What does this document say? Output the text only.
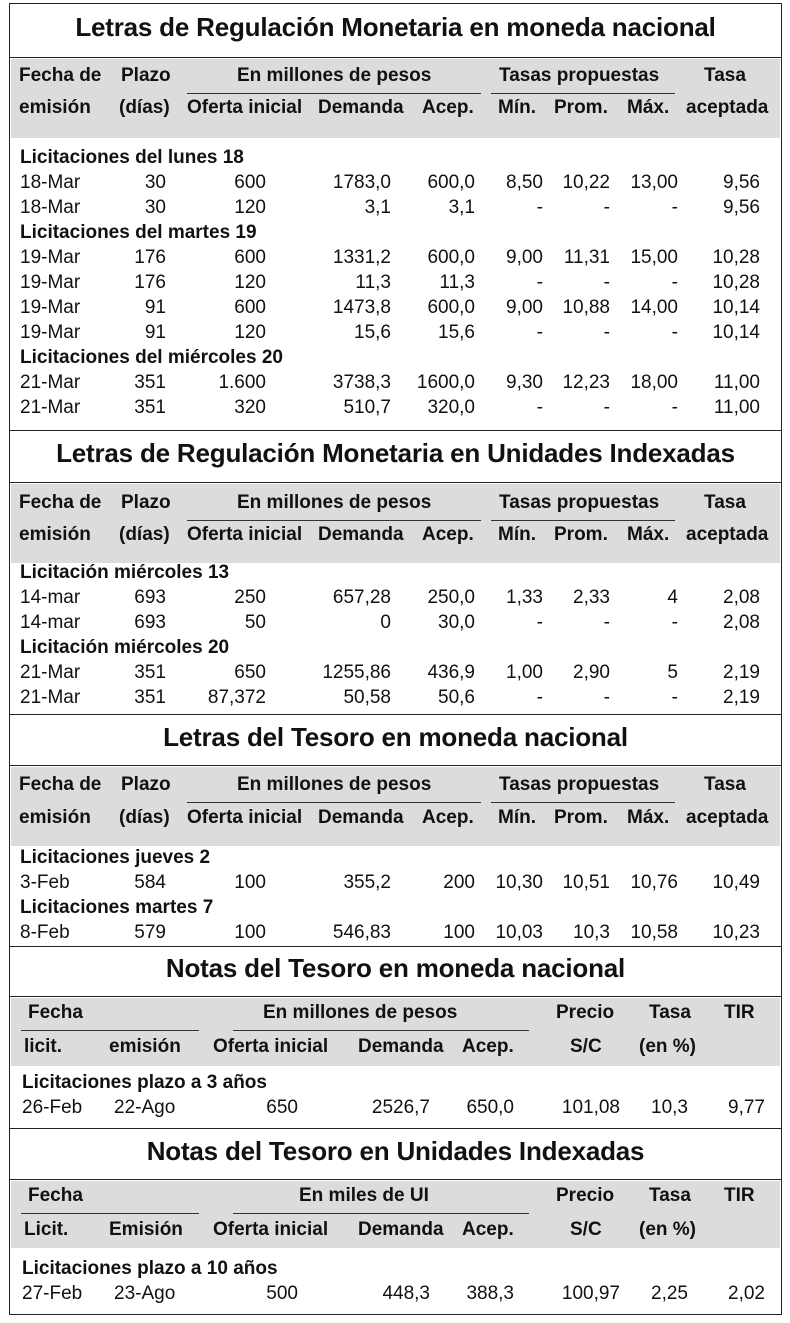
Letras de Regulación Monetaria en moneda nacional
Fecha de
emisión
Plazo
(días)
En millones de pesos
Oferta inicial Demanda Acep.
Tasas propuestas
Mín. Prom. Máx.
Tasa
aceptada
Licitaciones del lunes 18
18-Mar	30	600	1783,0	600,0	8,50	10,22	13,00	9,56
18-Mar	30	120	3,1	3,1	-	-	-	9,56
Licitaciones del martes 19
19-Mar	176	600	1331,2	600,0	9,00	11,31	15,00	10,28
19-Mar	176	120	11,3	11,3	-	-	-	10,28
19-Mar	91	600	1473,8	600,0	9,00	10,88	14,00	10,14
19-Mar	91	120	15,6	15,6	-	-	-	10,14
Licitaciones del miércoles 20
21-Mar	351	1.600	3738,3	1600,0	9,30	12,23	18,00	11,00
21-Mar	351	320	510,7	320,0	-	-	-	11,00
Letras de Regulación Monetaria en Unidades Indexadas
Fecha de
emisión
Plazo
(días)
En millones de pesos
Oferta inicial Demanda Acep.
Tasas propuestas
Mín. Prom. Máx.
Tasa
aceptada
Licitación miércoles 13
14-mar	693	250	657,28	250,0	1,33	2,33	4	2,08
14-mar	693	50	0	30,0	-	-	-	2,08
Licitación miércoles 20
21-Mar	351	650	1255,86	436,9	1,00	2,90	5	2,19
21-Mar	351	87,372	50,58	50,6	-	-	-	2,19
Letras del Tesoro en moneda nacional
Fecha de
emisión
Plazo
(días)
En millones de pesos
Oferta inicial Demanda Acep.
Tasas propuestas
Mín. Prom. Máx.
Tasa
aceptada
Licitaciones jueves 2
3-Feb	584	100	355,2	200	10,30	10,51	10,76	10,49
Licitaciones martes 7
8-Feb	579	100	546,83	100	10,03	10,3	10,58	10,23
Notas del Tesoro en moneda nacional
Fecha
licit. emisión
En millones de pesos
Oferta inicial Demanda Acep.
Precio
S/C
Tasa
(en %)
TIR
Licitaciones plazo a 3 años
26-Feb	22-Ago	650	2526,7	650,0	101,08	10,3	9,77
Notas del Tesoro en Unidades Indexadas
Fecha
Licit. Emisión
En miles de UI
Oferta inicial Demanda Acep.
Precio
S/C
Tasa
(en %)
TIR
Licitaciones plazo a 10 años
27-Feb	23-Ago	500	448,3	388,3	100,97	2,25	2,02
